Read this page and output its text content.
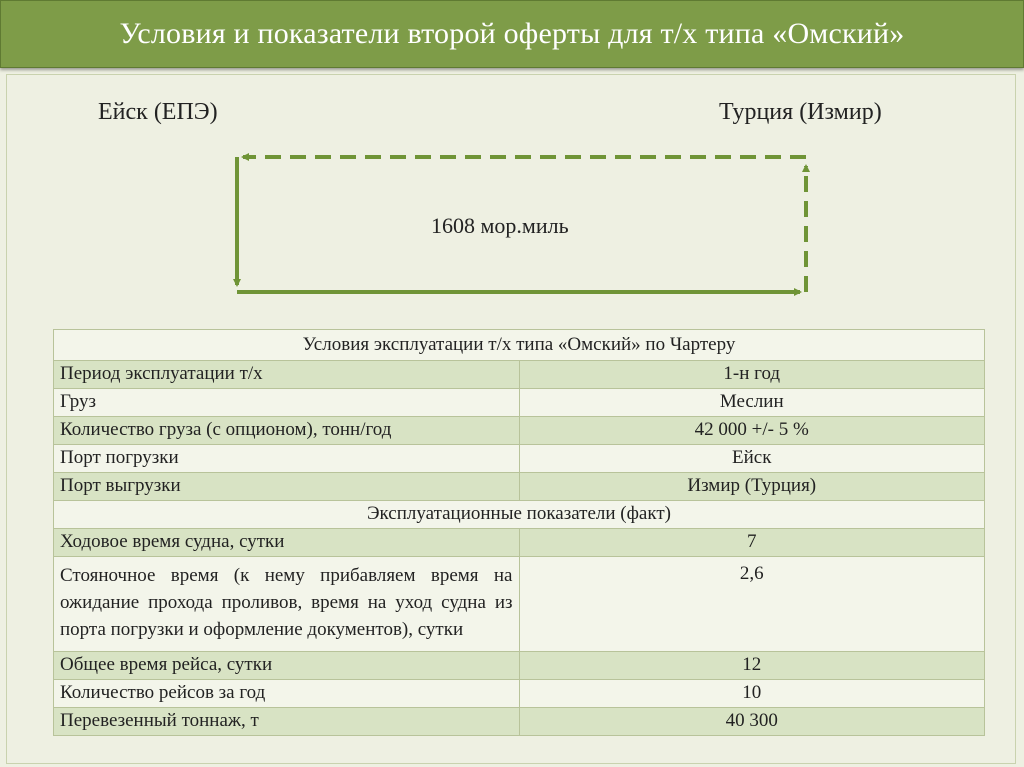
Условия и показатели второй оферты для т/х типа «Омский»
Ейск (ЕПЭ)	Турция (Измир)
1608 мор.миль
Условия эксплуатации т/х типа «Омский» по Чартеру	
Период эксплуатации т/х	1-н год
Груз	Меслин
Количество груза (с опционом), тонн/год	42 000 +/- 5 %
Порт погрузки	Ейск
Порт выгрузки	Измир (Турция)
Эксплуатационные показатели (факт)	
Ходовое время судна, сутки	7
Стояночное время (к нему прибавляем время на ожидание прохода проливов, время на уход судна из порта погрузки и оформление документов), сутки	2,6
Общее время рейса, сутки	12
Количество рейсов за год	10
Перевезенный тоннаж, т	40 300
